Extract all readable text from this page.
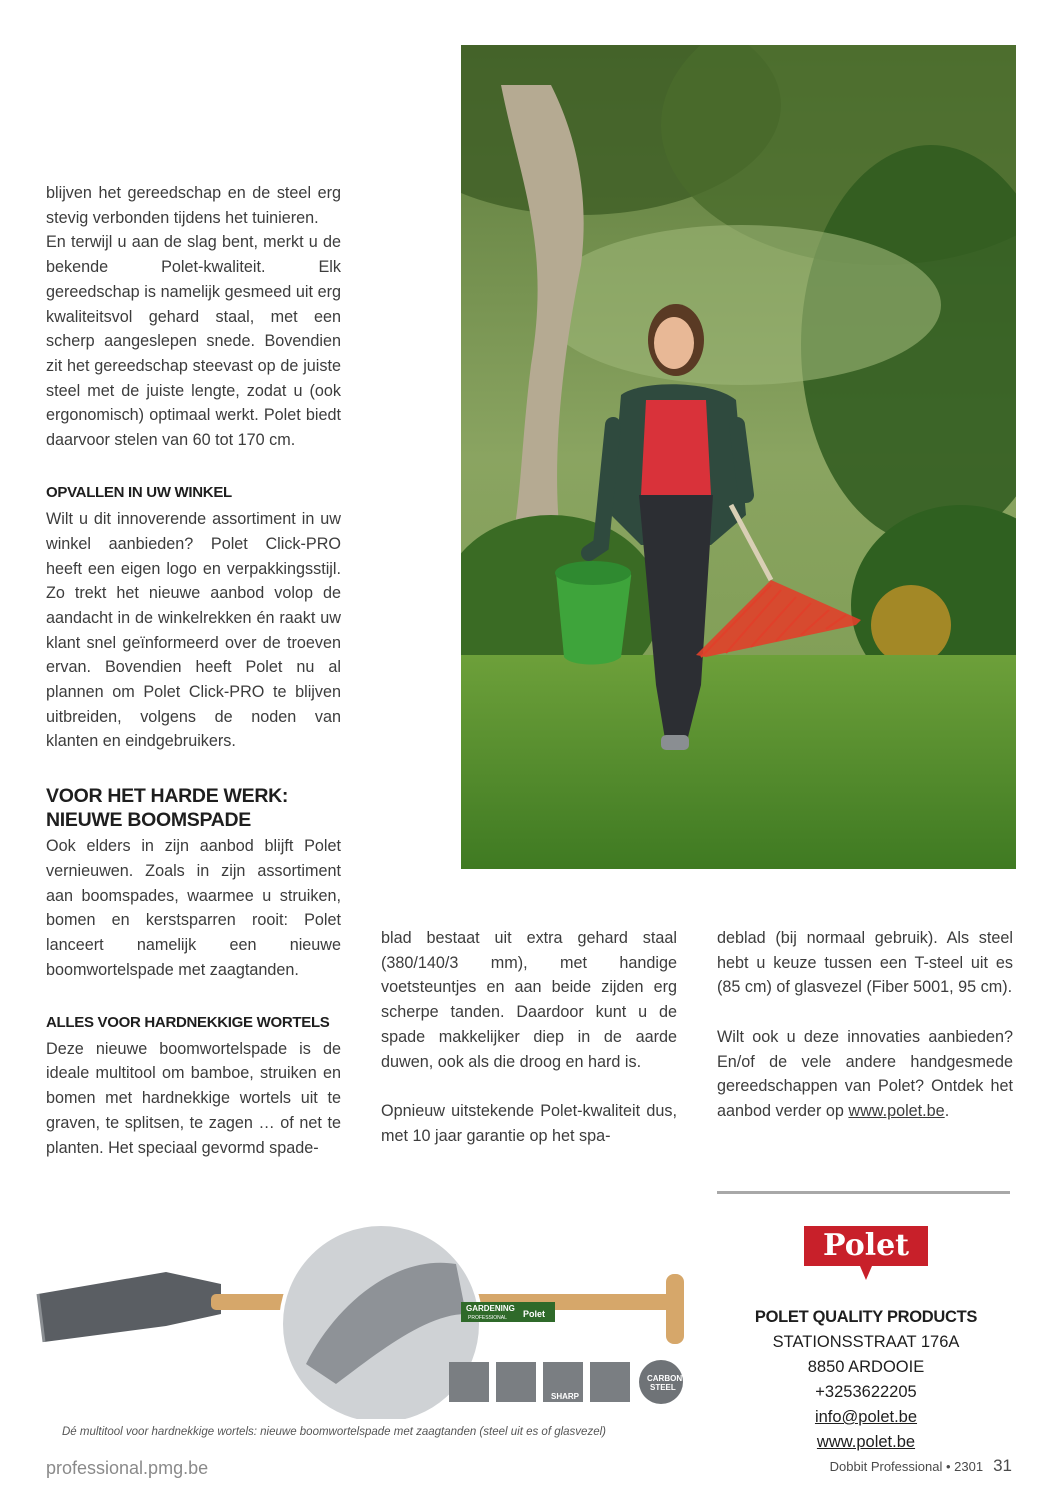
blijven het gereedschap en de steel erg stevig verbonden tijdens het tuinieren.

En terwijl u aan de slag bent, merkt u de bekende Polet-kwaliteit. Elk gereedschap is namelijk gesmeed uit erg kwaliteitsvol gehard staal, met een scherp aangeslepen snede. Bovendien zit het gereedschap steevast op de juiste steel met de juiste lengte, zodat u (ook ergonomisch) optimaal werkt. Polet biedt daarvoor stelen van 60 tot 170 cm.

OPVALLEN IN UW WINKEL

Wilt u dit innoverende assortiment in uw winkel aanbieden? Polet Click-PRO heeft een eigen logo en verpakkingsstijl. Zo trekt het nieuwe aanbod volop de aandacht in de winkelrekken én raakt uw klant snel geïnformeerd over de troeven ervan. Bovendien heeft Polet nu al plannen om Polet Click-PRO te blijven uitbreiden, volgens de noden van klanten en eindgebruikers.

VOOR HET HARDE WERK:

NIEUWE BOOMSPADE

Ook elders in zijn aanbod blijft Polet vernieuwen. Zoals in zijn assortiment aan boomspades, waarmee u struiken, bomen en kerstsparren rooit: Polet lanceert namelijk een nieuwe boomwortelspade met zaagtanden.

ALLES VOOR HARDNEKKIGE WORTELS

Deze nieuwe boomwortelspade is de ideale multitool om bamboe, struiken en bomen met hardnekkige wortels uit te graven, te splitsen, te zagen … of net te planten. Het speciaal gevormd spade-

blad bestaat uit extra gehard staal (380/140/3 mm), met handige voetsteuntjes en aan beide zijden erg scherpe tanden. Daardoor kunt u de spade makkelijker diep in de aarde duwen, ook als die droog en hard is.

Opnieuw uitstekende Polet-kwaliteit dus, met 10 jaar garantie op het spa-

deblad (bij normaal gebruik). Als steel hebt u keuze tussen een T-steel uit es (85 cm) of glasvezel (Fiber 5001, 95 cm).

Wilt ook u deze innovaties aanbieden? En/of de vele andere handgesmede gereedschappen van Polet? Ontdek het aanbod verder op www.polet.be.

Polet
POLET QUALITY PRODUCTS
STATIONSSTRAAT 176A
8850 ARDOOIE
+3253622205
info@polet.be
www.polet.be
GARDENING
Polet
PROFESSIONAL
SHARP
CARBON
STEEL
Dé multitool voor hardnekkige wortels: nieuwe boomwortelspade met zaagtanden (steel uit es of glasvezel)
professional.pmg.be	Dobbit Professional • 2301 31
